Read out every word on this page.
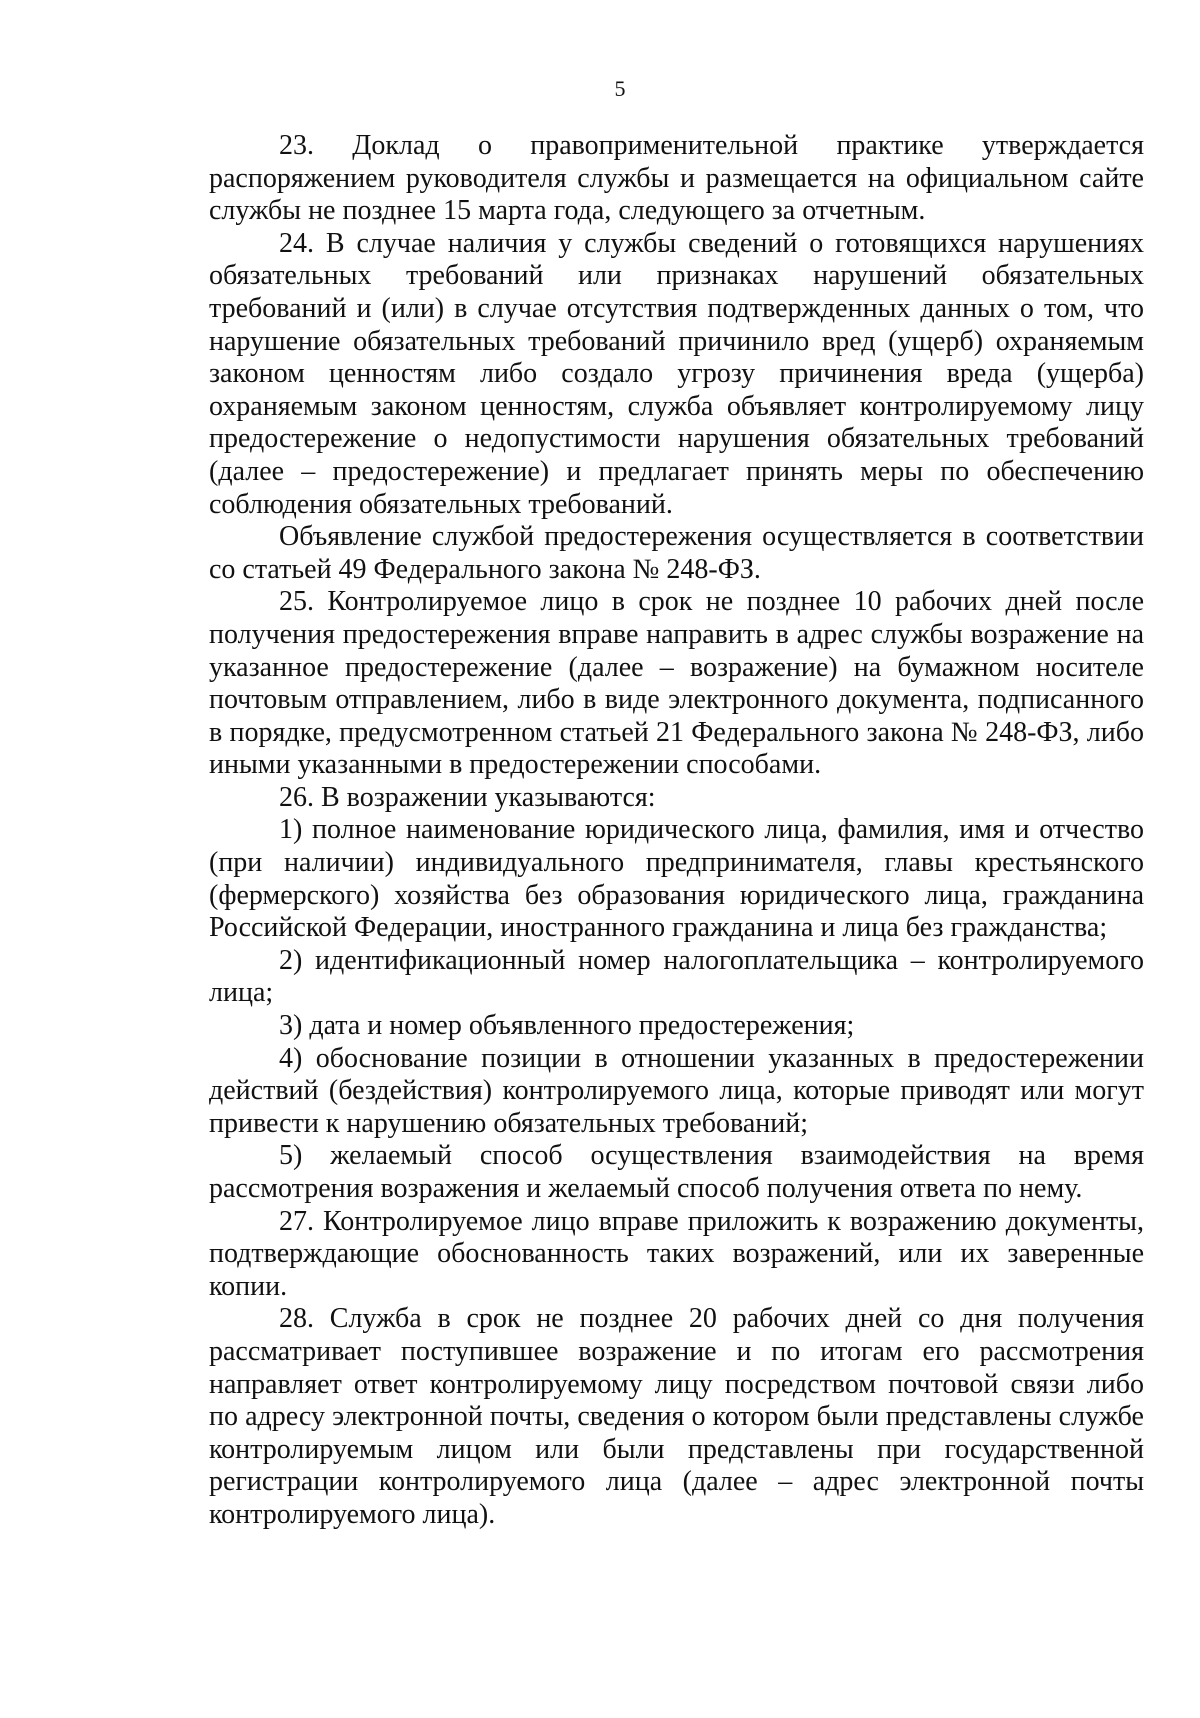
5

23. Доклад о правоприменительной практике утверждается распоряжением руководителя службы и размещается на официальном сайте службы не позднее 15 марта года, следующего за отчетным.

24. В случае наличия у службы сведений о готовящихся нарушениях обязательных требований или признаках нарушений обязательных требований и (или) в случае отсутствия подтвержденных данных о том, что нарушение обязательных требований причинило вред (ущерб) охраняемым законом ценностям либо создало угрозу причинения вреда (ущерба) охраняемым законом ценностям, служба объявляет контролируемому лицу предостережение о недопустимости нарушения обязательных требований (далее – предостережение) и предлагает принять меры по обеспечению соблюдения обязательных требований.

Объявление службой предостережения осуществляется в соответствии со статьей 49 Федерального закона № 248-ФЗ.

25. Контролируемое лицо в срок не позднее 10 рабочих дней после получения предостережения вправе направить в адрес службы возражение на указанное предостережение (далее – возражение) на бумажном носителе почтовым отправлением, либо в виде электронного документа, подписанного в порядке, предусмотренном статьей 21 Федерального закона № 248-ФЗ, либо иными указанными в предостережении способами.

26. В возражении указываются:

1) полное наименование юридического лица, фамилия, имя и отчество (при наличии) индивидуального предпринимателя, главы крестьянского (фермерского) хозяйства без образования юридического лица, гражданина Российской Федерации, иностранного гражданина и лица без гражданства;

2) идентификационный номер налогоплательщика – контролируемого лица;

3) дата и номер объявленного предостережения;

4) обоснование позиции в отношении указанных в предостережении действий (бездействия) контролируемого лица, которые приводят или могут привести к нарушению обязательных требований;

5) желаемый способ осуществления взаимодействия на время рассмотрения возражения и желаемый способ получения ответа по нему.

27. Контролируемое лицо вправе приложить к возражению документы, подтверждающие обоснованность таких возражений, или их заверенные копии.

28. Служба в срок не позднее 20 рабочих дней со дня получения рассматривает поступившее возражение и по итогам его рассмотрения направляет ответ контролируемому лицу посредством почтовой связи либо по адресу электронной почты, сведения о котором были представлены службе контролируемым лицом или были представлены при государственной регистрации контролируемого лица (далее – адрес электронной почты контролируемого лица).
